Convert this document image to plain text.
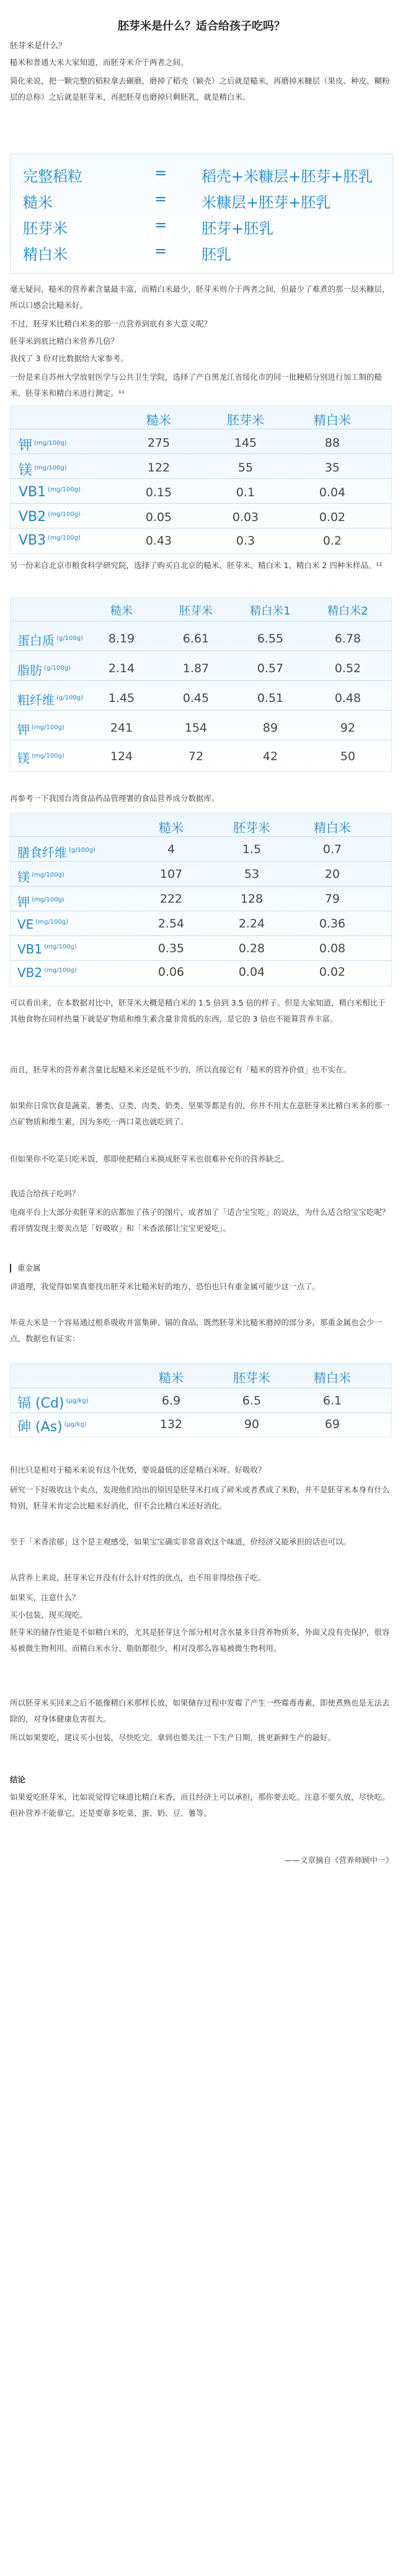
胚芽米是什么？适合给孩子吃吗？
胚芽米是什么？
糙米和普通大米大家知道，而胚芽米介于两者之间。
简化来说，把一颗完整的稻粒拿去碾磨，磨掉了稻壳（颖壳）之后就是糙米，再磨掉米糠层（果皮、种皮、糊粉层的总称）之后就是胚芽米，再把胚芽也磨掉只剩胚乳，就是精白米。
完整稻粒	= 稻壳+米糠层+胚芽+胚乳
糙米	= 米糠层+胚芽+胚乳
胚芽米	= 胚芽+胚乳
精白米	= 胚乳
毫无疑问，糙米的营养素含量最丰富，而精白米最少，胚芽米则介于两者之间，但最少了难煮的那一层米糠层，所以口感会比糙米好。
不过，胚芽米比精白米多的那一点营养到底有多大意义呢？
胚芽米到底比精白米营养几倍？
我找了 3 份对比数据给大家参考。
一份是来自苏州大学放射医学与公共卫生学院，选择了产自黑龙江省绥化市的同一批粳稻分别进行加工制的糙米、胚芽米和精白米进行测定。¹¹
糙米	胚芽米	精白米
钾 $^{(mg/100g)}$	275	145	88
镁 $^{(mg/100g)}$	122	55	35
VB1 $^{(mg/100g)}$	0.15	0.1	0.04
VB2 $^{(mg/100g)}$	0.05	0.03	0.02
VB3 $^{(mg/100g)}$	0.43	0.3	0.2
另一份来自北京市粮食科学研究院，选择了购买自北京的糙米、胚芽米、精白米 1、精白米 2 四种米样品。¹²
糙米	胚芽米	精白米1	精白米2
蛋白质 $^{(g/100g)}$	8.19	6.61	6.55	6.78
脂肪 $^{(g/100g)}$	2.14	1.87	0.57	0.52
粗纤维 $^{(g/100g)}$	1.45	0.45	0.51	0.48
钾 $^{(mg/100g)}$	241	154	89	92
镁 $^{(mg/100g)}$	124	72	42	50
再参考一下我国台湾食品药品管理署的食品营养成分数据库。
糙米	胚芽米	精白米
膳食纤维 $^{(g/100g)}$	4	1.5	0.7
镁 $^{(mg/100g)}$	107	53	20
钾 $^{(mg/100g)}$	222	128	79
VE $^{(mg/100g)}$	2.54	2.24	0.36
VB1 $^{(mg/100g)}$	0.35	0.28	0.08
VB2 $^{(mg/100g)}$	0.06	0.04	0.02
可以看出来，在本数据对比中，胚芽米大概是精白米的 1.5 倍到 3.5 倍的样子。但是大家知道，精白米相比于其他食物在同样热量下就是矿物质和维生素含量非常低的东西，是它的 3 倍也不能算营养丰富。
而且，胚芽米的营养素含量比起糙米来还是低不少的，所以直接它有「糙米的营养价值」也不实在。
如果你日常饮食是蔬菜、薯类、豆类、肉类、奶类、坚果等都是有的，你并不用太在意胚芽米比精白米多的那一点矿物质和维生素，因为多吃一两口菜也就吃到了。
但如果你不吃菜只吃米饭，那即使把精白米换成胚芽米也很难补充你的营养缺乏。
我适合给孩子吃吗？
电商平台上大部分卖胚芽米的店都加了孩子的图片，或者加了「适合宝宝吃」的说法，为什么适合给宝宝吃呢？看评情发现主要卖点是「好吸收」和「米香浓郁让宝宝更爱吃」。
重金属
讲道理，我觉得如果真要找出胚芽米比糙米好的地方，恐怕也只有重金属可能少这一点了。
毕竟大米是一个容易通过根系吸收并富集砷、镉的食品，既然胚芽米比糙米磨掉的部分多，那重金属也会少一点，数据也有证实：
糙米	胚芽米	精白米
镉 (Cd) $^{(\mu g/kg)}$	6.9	6.5	6.1
砷 (As) $^{(\mu g/kg)}$	132	90	69
但比只是相对于糙米来说有这个优势，要说最低的还是精白米呀。好吸收？
研究一下好吸收这个卖点，发现他们给出的原因是胚芽米打成了碎米或者煮成了米粉，并不是胚芽米本身有什么特别，胚芽米肯定会比糙米好消化，但不会比精白米还好消化。
至于「米香浓郁」这个是主观感受，如果宝宝确实非常喜欢这个味道，价经济又能承担的话也可以。
从营养上来说，胚芽米它并没有什么针对性的优点，也不用非得给孩子吃。
如果买，注意什么？
买小包装，现买现吃。
胚芽米的储存性能是不如精白米的，尤其是胚芽这个部分相对含水量多目营养物质多，外面又没有壳保护，很容易被微生物利用。而精白米水分、脂肪都很少，相对没那么容易被微生物利用。
所以胚芽米买回来之后不能像精白米那样长放，如果储存过程中发霉了产生一些霉毒毒素，即使煮熟也是无法去除的，对身体健康危害很大。
所以如果要吃，建议买小包装，尽快吃完。拿到也要关注一下生产日期，挑更新鲜生产的最好。
结论
如果爱吃胚芽米，比如说觉得它味道比精白米香，而且经济上可以承担，那你要去吃。注意不要久放，尽快吃。但补营养不能靠它，还是要靠多吃菜、蛋、奶、豆、薯等。
——文章摘自《营养师顾中一》
